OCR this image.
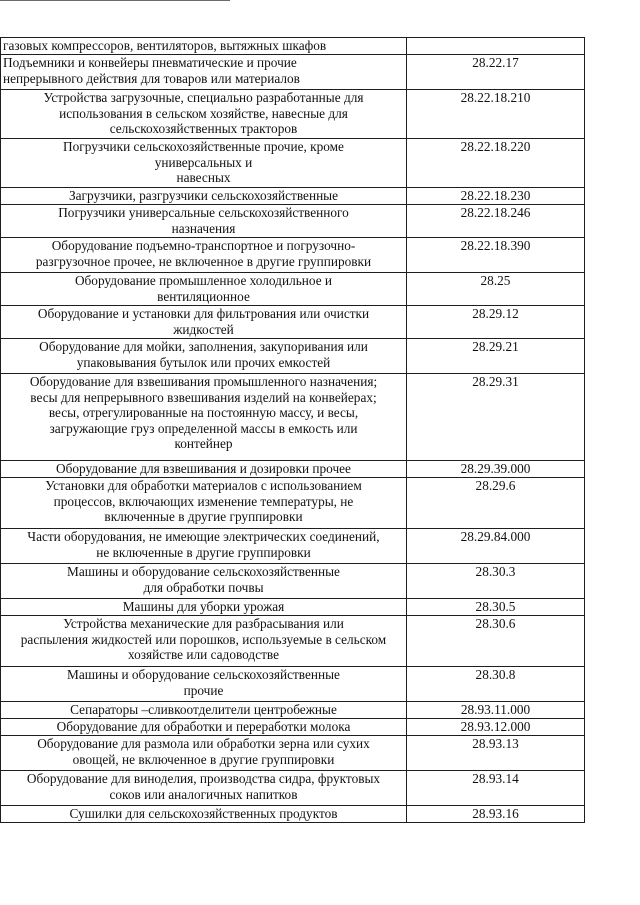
газовых компрессоров, вентиляторов, вытяжных шкафов	

Подъемники и конвейеры пневматические и прочие
непрерывного действия для товаров или материалов	28.22.17

Устройства загрузочные, специально разработанные для
использования в сельском хозяйстве, навесные для
сельскохозяйственных тракторов	28.22.18.210

Погрузчики сельскохозяйственные прочие, кроме
универсальных и
навесных	28.22.18.220

Загрузчики, разгрузчики сельскохозяйственные	28.22.18.230

Погрузчики универсальные сельскохозяйственного
назначения	28.22.18.246

Оборудование подъемно-транспортное и погрузочно-
разгрузочное прочее, не включенное в другие группировки	28.22.18.390

Оборудование промышленное холодильное и
вентиляционное	28.25

Оборудование и установки для фильтрования или очистки
жидкостей	28.29.12

Оборудование для мойки, заполнения, закупоривания или
упаковывания бутылок или прочих емкостей	28.29.21

Оборудование для взвешивания промышленного назначения;
весы для непрерывного взвешивания изделий на конвейерах;
весы, отрегулированные на постоянную массу, и весы,
загружающие груз определенной массы в емкость или
контейнер	28.29.31

Оборудование для взвешивания и дозировки прочее	28.29.39.000

Установки для обработки материалов с использованием
процессов, включающих изменение температуры, не
включенные в другие группировки	28.29.6

Части оборудования, не имеющие электрических соединений,
не включенные в другие группировки	28.29.84.000

Машины и оборудование сельскохозяйственные
для обработки почвы	28.30.3

Машины для уборки урожая	28.30.5

Устройства механические для разбрасывания или
распыления жидкостей или порошков, используемые в сельском
хозяйстве или садоводстве	28.30.6

Машины и оборудование сельскохозяйственные
прочие	28.30.8

Сепараторы –сливкоотделители центробежные	28.93.11.000

Оборудование для обработки и переработки молока	28.93.12.000

Оборудование для размола или обработки зерна или сухих
овощей, не включенное в другие группировки	28.93.13

Оборудование для виноделия, производства сидра, фруктовых
соков или аналогичных напитков	28.93.14

Сушилки для сельскохозяйственных продуктов	28.93.16
